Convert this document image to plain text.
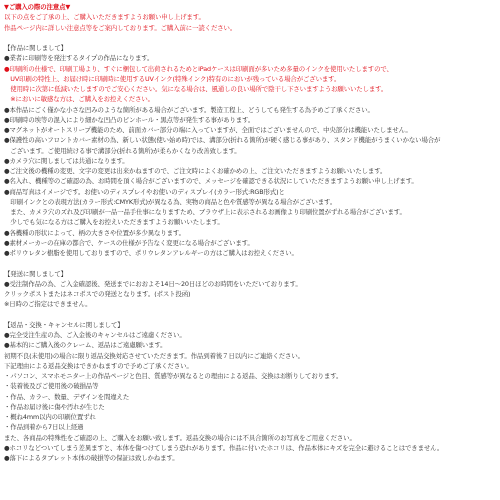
▼ご購入の際の注意点▼
以下の点をご了承の上、ご購入いただきますようお願い申し上げます。
作品ページ内に詳しい注意点等をご案内しております。ご購入前に一読ください。
【作品に関しまして】
●業者に印刷等を発注するタイプの作品になります。
●印刷所の仕様で、印刷工場より、すぐに梱包して出荷されるためとiPadケースは印刷面が多いため多量のインクを使用いたしますので、
　UV印刷の特性上、お届け時に印刷時に使用するUVインク(特殊インク)特有のにおいが残っている場合がございます。
　使用時に次第に低減いたしますのでご安心ください。気になる場合は、風通しの良い場所で陰干し下さいますようお願いいたします。
　※においに敏感な方は、ご購入をお控えください。
●本作品にごく僅かな小さな凹みのような箇所がある場合がございます。製造工程上、どうしても発生する為予めご了承ください。
●印刷時の埃等の混入により細かな凹凸のピンホール・黒点等が発生する事があります。
●マグネットがオートスリープ機能のため、前面カバー部分の端に入っていますが、全面ではございませんので、中央部分は機能いたしません。
●保護性の高いフロントカバー素材の為、新しい状態(使い始め時)では、溝部分(折れる箇所)が硬く感じる事があり、スタンド機能がうまくいかない場合が
　ございます。ご使用続ける事で溝部分(折れる箇所)が柔らかくなり改善致します。
●カメラ穴に関しましては共通になります。
●ご注文後の機種の変更、文字の変更は出来かねますので、ご注文時によくお確かめの上、ご注文いただきますようお願いいたします。
●名入れ、機種等のご確認の為、お時間を頂く場合がございますので、メッセージを確認できる状況にしていただきますようお願い申し上げます。
●商品写真はイメージです。お使いのディスプレイやお使いのディスプレイ(カラー形式:RGB形式)と
　印刷インクとの表現方法(カラー形式:CMYK形式)が異なる為、実物の商品と色や質感等が異なる場合がございます。
　また、カメラ穴のズれ及び印刷が一品一品手仕事になりますため、ブラウザ上に表示されるお画像より印刷位置がずれる場合がございます。
　少しでも気になる方はご購入をお控えいただきますようお願いいたします。
●各機種の形状によって、柄の大きさや位置が多少異なります。
●素材メーカーの在庫の都合で、ケースの仕様が予告なく変更になる場合がございます。
●ポリウレタン樹脂を使用しておりますので、ポリウレタンアレルギーの方はご購入はお控えください。
【発送に関しまして】
●受注制作品の為、ご入金確認後、発送までにおおよそ14日〜20日ほどのお時間をいただいております。
クリックポストまたはネコポスでの発送となります。(ポスト投函)
※日時のご指定はできません。
【返品・交換・キャンセルに関しまして】
●完全受注生産の為、ご入金後のキャンセルはご遠慮ください。
●基本的にご購入後のクレーム、返品はご遠慮願います。
初期不良(未使用)の場合に限り返品交換対応させていただきます。作品到着後７日以内にご連絡ください。
下記理由による返品交換はできかねますので予めご了承ください。
・パソコン、スマホモニター上の作品ページと色目、質感等が異なるとの理由による返品、交換はお断りしております。
・装着後及びご使用後の破損品等
・作品、カラー、数量、デザインを間違えた
・作品お届け後に傷や汚れが生じた
・概ね4mm以内の印刷位置ずれ
・作品到着から7日以上経過
また、各商品の特殊性をご確認の上、ご購入をお願い致します。返品交換の場合には不具合箇所のお写真をご用意ください。
●ホコリなどついてしまう差異ますと、本体を傷つけてしまう恐れがあります。作品に付いたホコリは、作品本体にキズを完全に避けることはできません。
●落下によるタブレット本体の破損等の保証は致しかねます。
